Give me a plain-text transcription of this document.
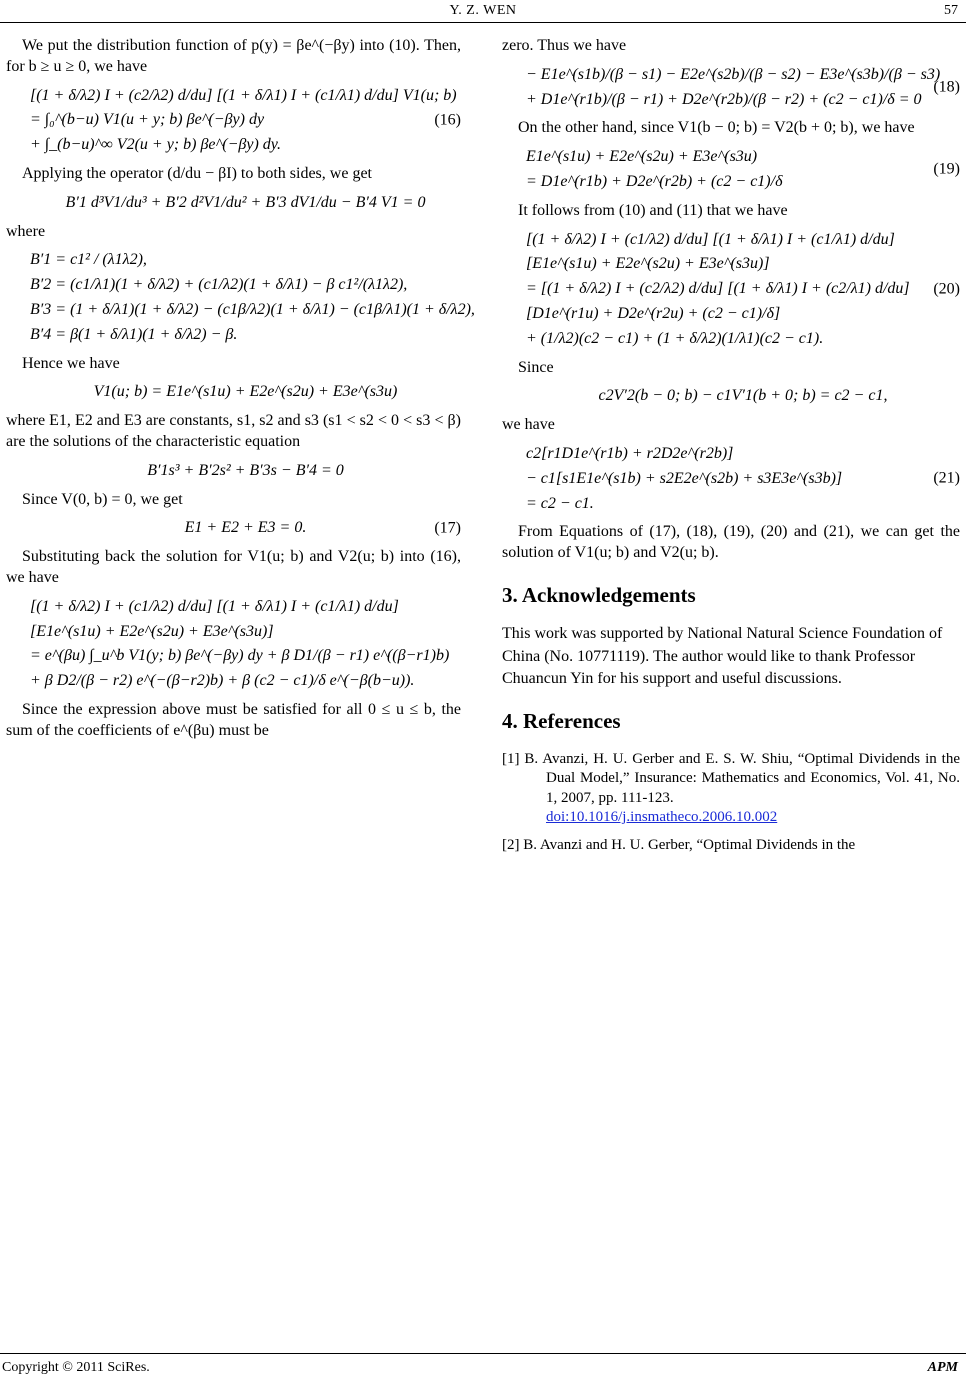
Y. Z. WEN	57

We put the distribution function of p(y) = βe^(−βy) into (10). Then, for b ≥ u ≥ 0, we have

[(1 + δ/λ2) I + (c2/λ2) d/du] [(1 + δ/λ1) I + (c1/λ1) d/du] V1(u; b)
= ∫₀^(b−u) V1(u + y; b) βe^(−βy) dy
+ ∫_(b−u)^∞ V2(u + y; b) βe^(−βy) dy.
(16)

Applying the operator (d/du − βI) to both sides, we get

B′1 d³V1/du³ + B′2 d²V1/du² + B′3 dV1/du − B′4 V1 = 0

where

B′1 = c1² / (λ1λ2),
B′2 = (c1/λ1)(1 + δ/λ2) + (c1/λ2)(1 + δ/λ1) − β c1²/(λ1λ2),
B′3 = (1 + δ/λ1)(1 + δ/λ2) − (c1β/λ2)(1 + δ/λ1) − (c1β/λ1)(1 + δ/λ2),
B′4 = β(1 + δ/λ1)(1 + δ/λ2) − β.

Hence we have

V1(u; b) = E1e^(s1u) + E2e^(s2u) + E3e^(s3u)

where E1, E2 and E3 are constants, s1, s2 and s3 (s1 < s2 < 0 < s3 < β) are the solutions of the characteristic equation

B′1s³ + B′2s² + B′3s − B′4 = 0

Since V(0, b) = 0, we get

E1 + E2 + E3 = 0.	(17)

Substituting back the solution for V1(u; b) and V2(u; b) into (16), we have

[(1 + δ/λ2) I + (c1/λ2) d/du] [(1 + δ/λ1) I + (c1/λ1) d/du]
[E1e^(s1u) + E2e^(s2u) + E3e^(s3u)]
= e^(βu) ∫_u^b V1(y; b) βe^(−βy) dy + β D1/(β − r1) e^((β−r1)b)
+ β D2/(β − r2) e^(−(β−r2)b) + β (c2 − c1)/δ e^(−β(b−u)).

Since the expression above must be satisfied for all 0 ≤ u ≤ b, the sum of the coefficients of e^(βu) must be

zero. Thus we have

− E1e^(s1b)/(β − s1) − E2e^(s2b)/(β − s2) − E3e^(s3b)/(β − s3)
+ D1e^(r1b)/(β − r1) + D2e^(r2b)/(β − r2) + (c2 − c1)/δ = 0
(18)

On the other hand, since V1(b − 0; b) = V2(b + 0; b), we have

E1e^(s1u) + E2e^(s2u) + E3e^(s3u)
= D1e^(r1b) + D2e^(r2b) + (c2 − c1)/δ
(19)

It follows from (10) and (11) that we have

[(1 + δ/λ2) I + (c1/λ2) d/du] [(1 + δ/λ1) I + (c1/λ1) d/du]
[E1e^(s1u) + E2e^(s2u) + E3e^(s3u)]
= [(1 + δ/λ2) I + (c2/λ2) d/du] [(1 + δ/λ1) I + (c2/λ1) d/du]
[D1e^(r1u) + D2e^(r2u) + (c2 − c1)/δ]
+ (1/λ2)(c2 − c1) + (1 + δ/λ2)(1/λ1)(c2 − c1).
(20)

Since

c2V′2(b − 0; b) − c1V′1(b + 0; b) = c2 − c1,

we have

c2[r1D1e^(r1b) + r2D2e^(r2b)]
− c1[s1E1e^(s1b) + s2E2e^(s2b) + s3E3e^(s3b)]
= c2 − c1.
(21)

From Equations of (17), (18), (19), (20) and (21), we can get the solution of V1(u; b) and V2(u; b).

3. Acknowledgements

This work was supported by National Natural Science Foundation of China (No. 10771119). The author would like to thank Professor Chuancun Yin for his support and useful discussions.

4. References
[1] B. Avanzi, H. U. Gerber and E. S. W. Shiu, “Optimal Dividends in the Dual Model,” Insurance: Mathematics and Economics, Vol. 41, No. 1, 2007, pp. 111-123.
doi:10.1016/j.insmatheco.2006.10.002
[2] B. Avanzi and H. U. Gerber, “Optimal Dividends in the
Copyright © 2011 SciRes.	APM
